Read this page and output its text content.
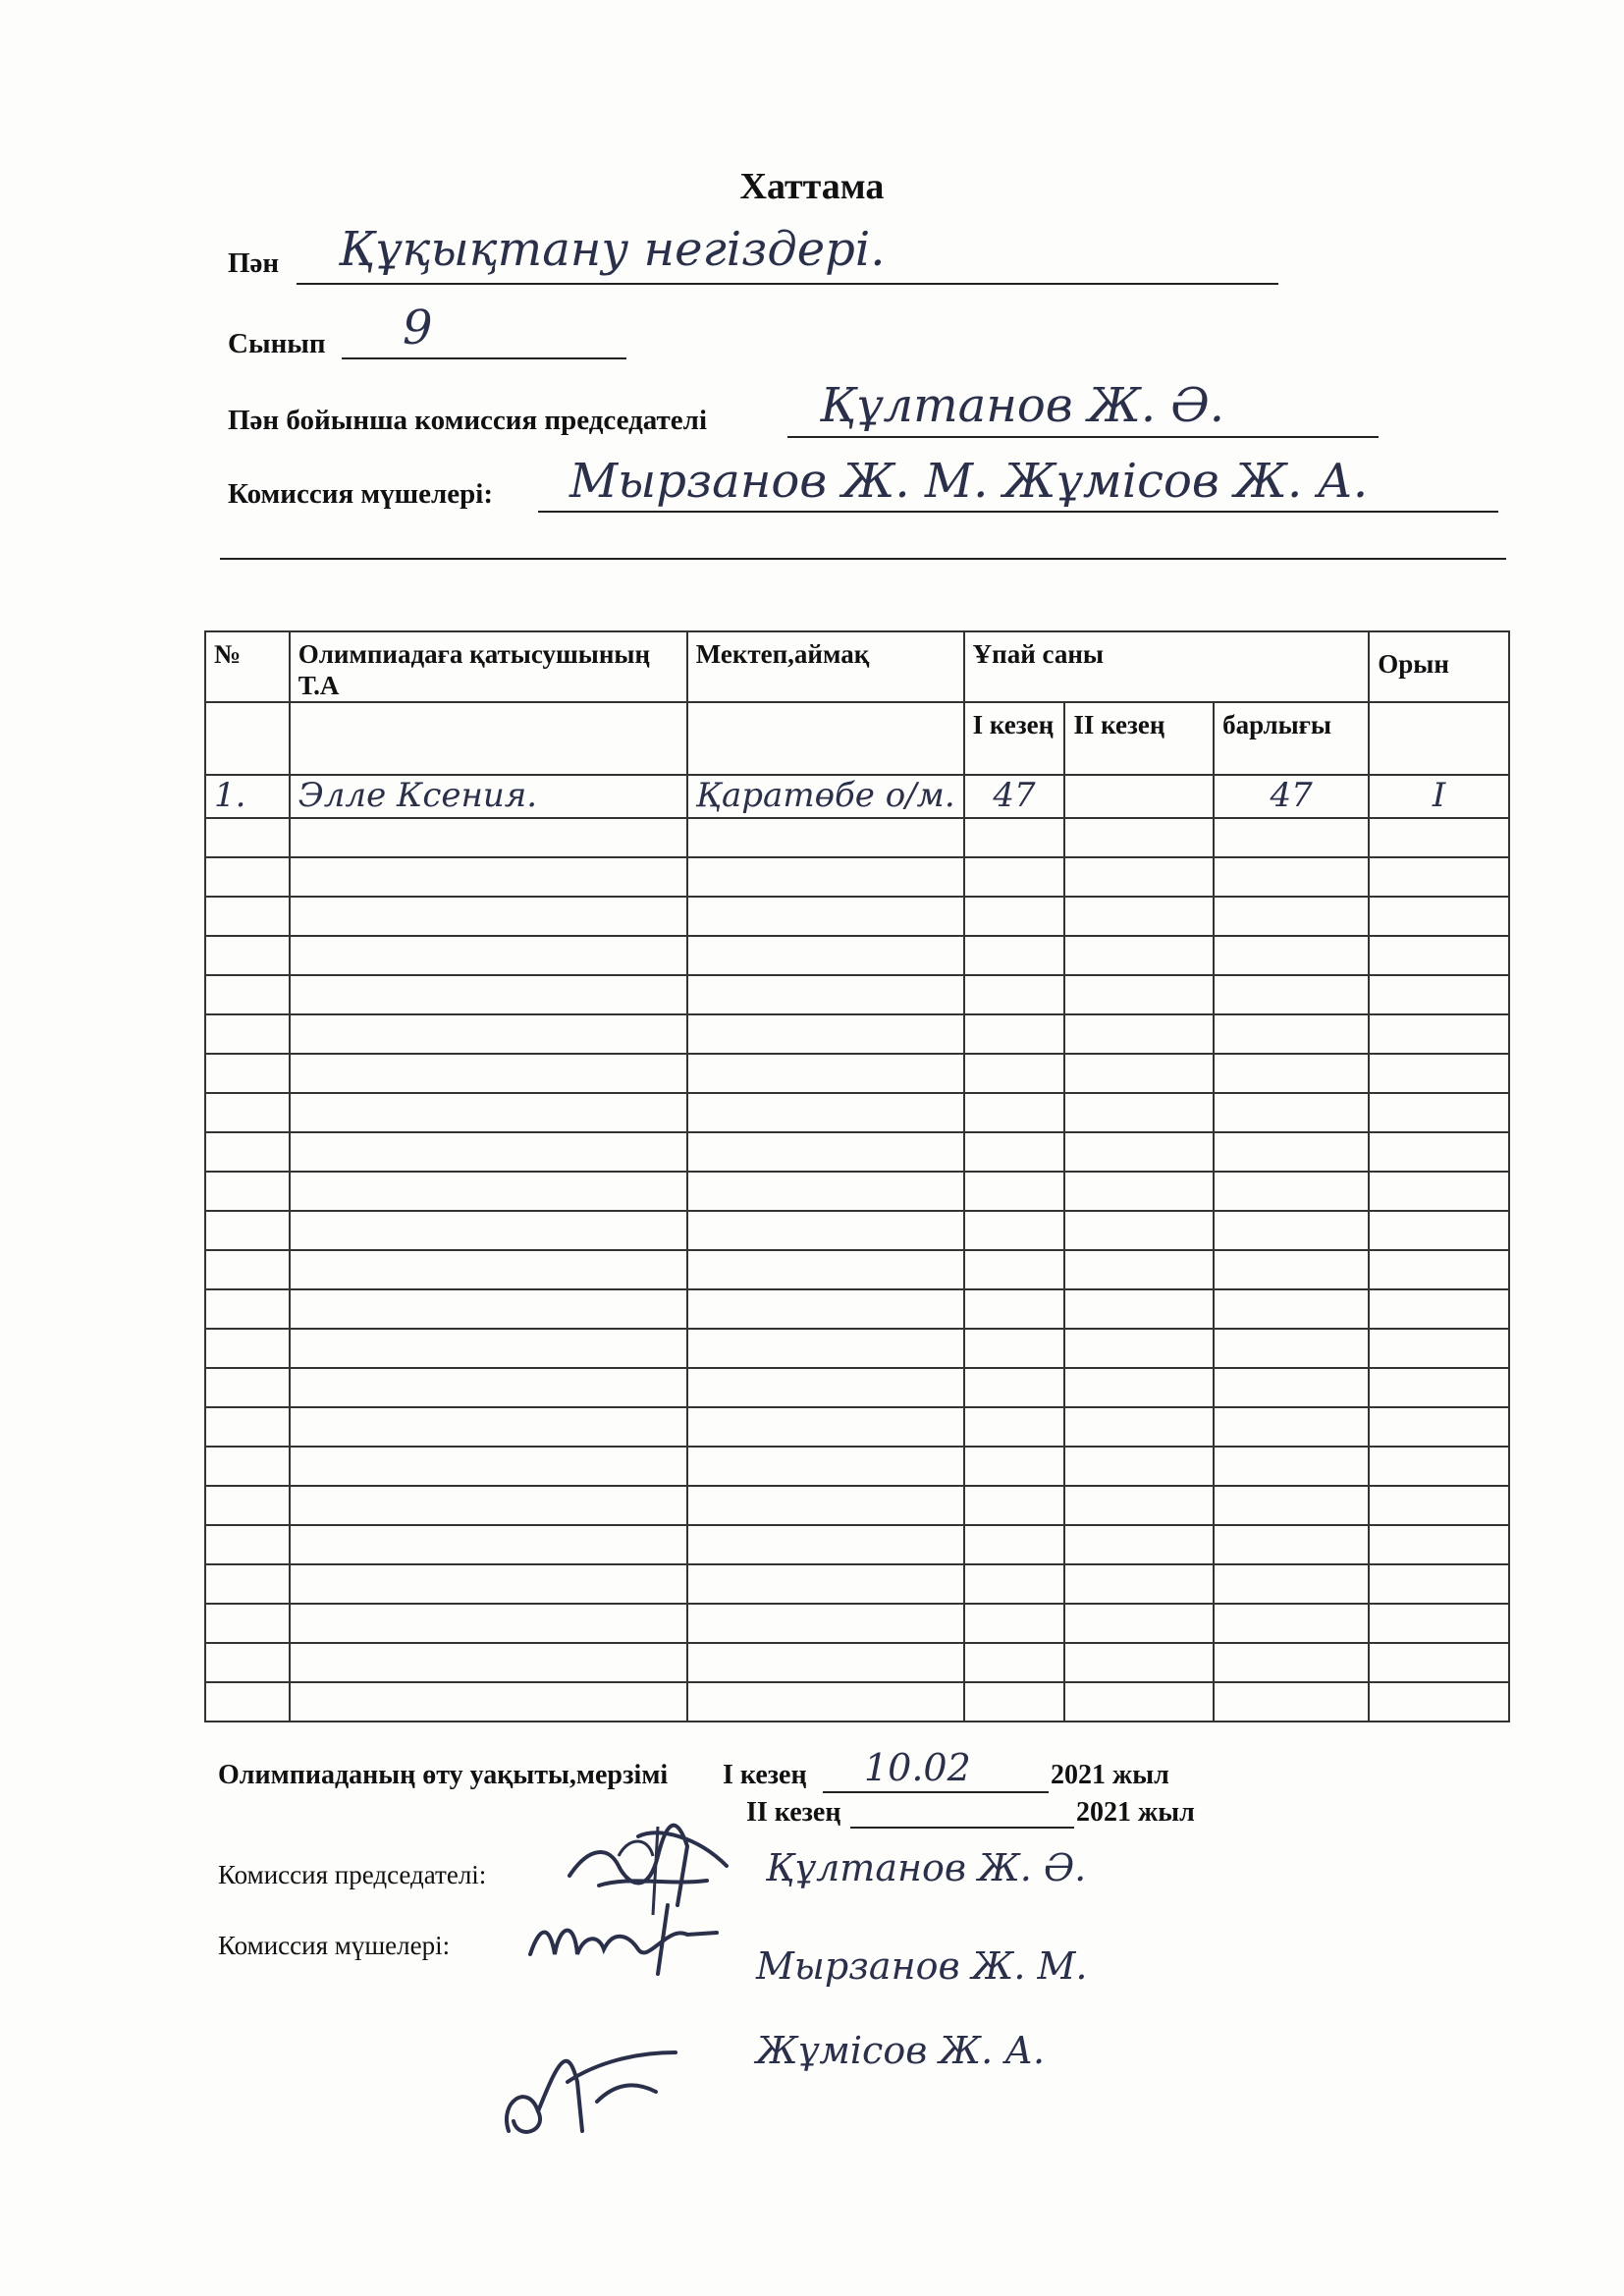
Хаттама
Пән Құқықтану негіздері.
Сынып 9
Пән бойынша комиссия председателі Құлтанов Ж. Ә.
Комиссия мүшелері: Мырзанов Ж. М. Жұмісов Ж. А.
№	Олимпиадаға қатысушының Т.А	Мектеп,аймақ	Ұпай саны			Орын
			I кезең	II кезең	барлығы	
1.	Элле Ксения.	Қаратөбе о/м.	47		47	I

Олимпиаданың өту уақыты,мерзімі I кезең 10.02	2021 жыл
II кезең	2021 жыл
Комиссия председателі:
Комиссия мүшелері:
Құлтанов Ж. Ә.
Мырзанов Ж. М.
Жұмісов Ж. А.
